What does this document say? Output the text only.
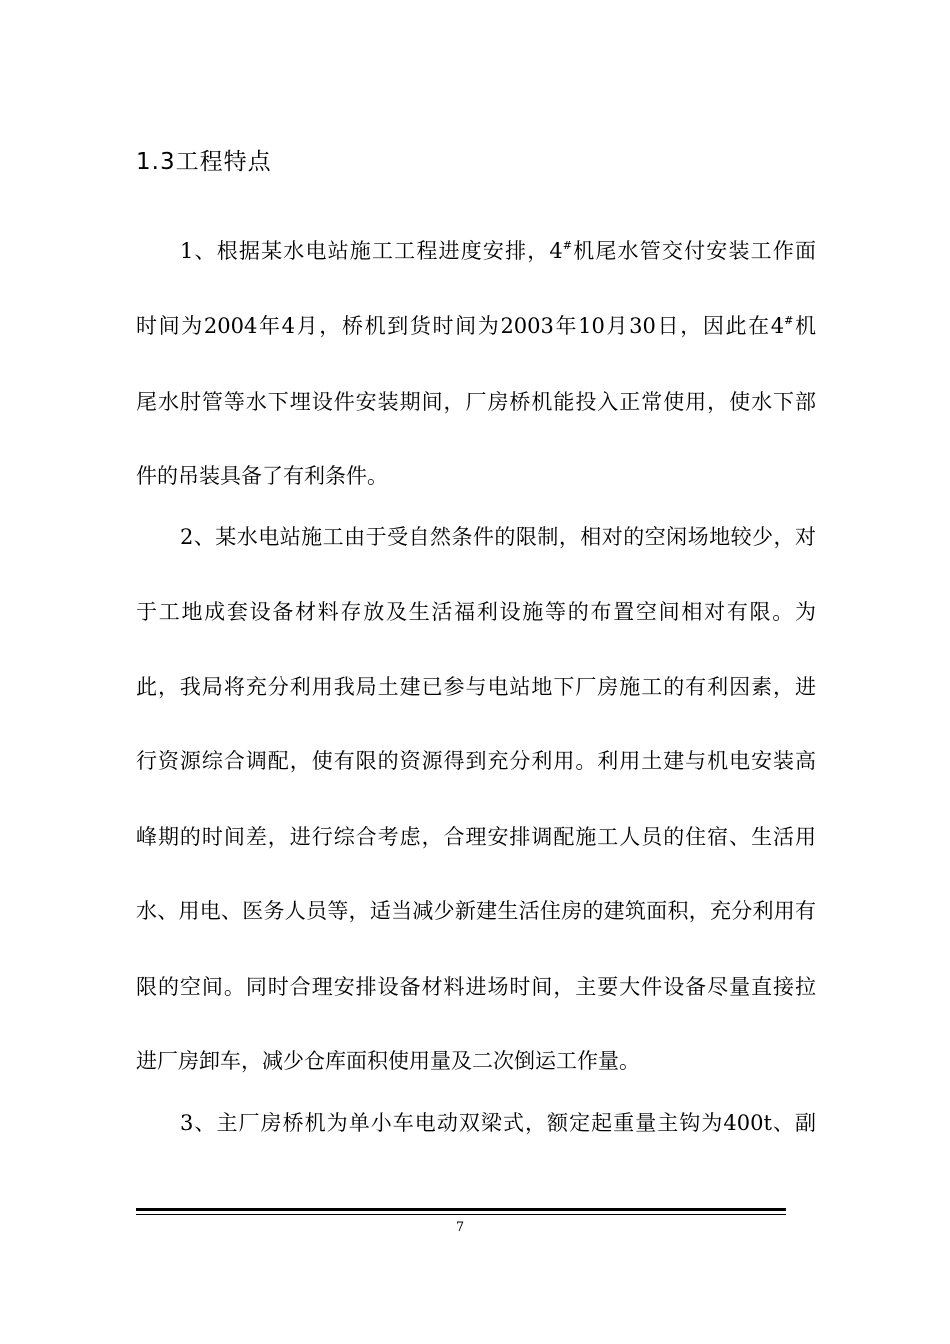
1.3工程特点
1、根据某水电站施工工程进度安排，4#机尾水管交付安装工作面
时间为2004年4月，桥机到货时间为2003年10月30日，因此在4#机
尾水肘管等水下埋设件安装期间，厂房桥机能投入正常使用，使水下部
件的吊装具备了有利条件。
2、某水电站施工由于受自然条件的限制，相对的空闲场地较少，对
于工地成套设备材料存放及生活福利设施等的布置空间相对有限。为
此，我局将充分利用我局土建已参与电站地下厂房施工的有利因素，进
行资源综合调配，使有限的资源得到充分利用。利用土建与机电安装高
峰期的时间差，进行综合考虑，合理安排调配施工人员的住宿、生活用
水、用电、医务人员等，适当减少新建生活住房的建筑面积，充分利用有
限的空间。同时合理安排设备材料进场时间，主要大件设备尽量直接拉
进厂房卸车，减少仓库面积使用量及二次倒运工作量。
3、主厂房桥机为单小车电动双梁式，额定起重量主钩为400t、副
7
